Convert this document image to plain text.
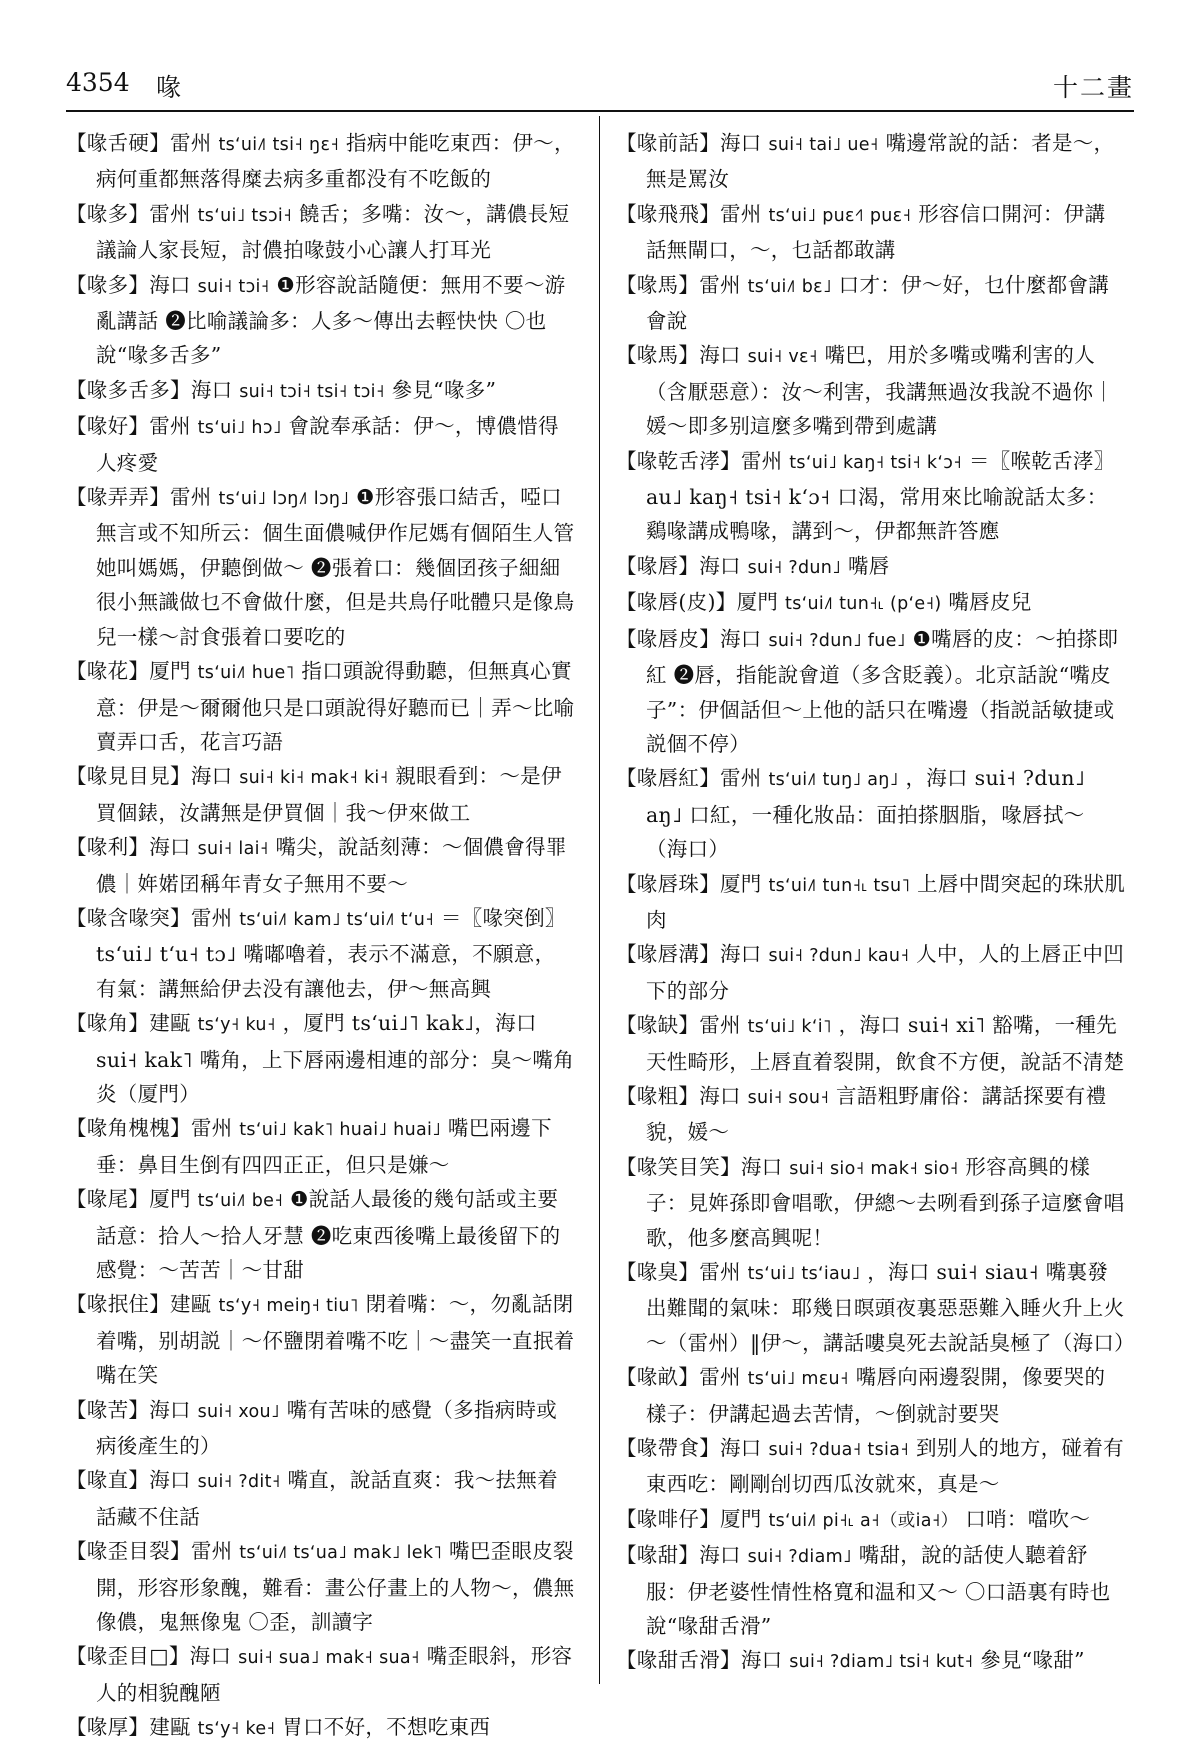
4354 喙	十二畫

【喙舌硬】雷州 tsʻui˩˥ tsi˧ ŋɛ˧ 指病中能吃東西：伊～，病何重都無落得糜去病多重都没有不吃飯的

【喙多】雷州 tsʻui˩ tsɔi˧ 饒舌；多嘴：汝～，講儂長短議論人家長短，討儂拍喙鼓小心讓人打耳光

【喙多】海口 sui˧ tɔi˧ ❶形容說話隨便：無用不要～游亂講話 ❷比喻議論多：人多～傳出去輕快快 〇也說“喙多舌多”

【喙多舌多】海口 sui˧ tɔi˧ tsi˧ tɔi˧ 參見“喙多”

【喙好】雷州 tsʻui˩ hɔ˩ 會說奉承話：伊～，博儂惜得人疼愛

【喙弄弄】雷州 tsʻui˩ lɔŋ˩˥ lɔŋ˩ ❶形容張口結舌，啞口無言或不知所云：個生面儂喊伊作尼媽有個陌生人管她叫媽媽，伊聽倒做～ ❷張着口：幾個囝孩子細細很小無識做乜不會做什麼，但是共鳥仔吡體只是像鳥兒一樣～討食張着口要吃的

【喙花】厦門 tsʻui˩˥ hue˥ 指口頭說得動聽，但無真心實意：伊是～爾爾他只是口頭說得好聽而已｜弄～比喻賣弄口舌，花言巧語

【喙見目見】海口 sui˧ ki˧ mak˧ ki˧ 親眼看到：～是伊買個錶，汝講無是伊買個｜我～伊來做工

【喙利】海口 sui˧ lai˧ 嘴尖，說話刻薄：～個儂會得罪儂｜姩婼囝稱年青女子無用不要～

【喙含喙突】雷州 tsʻui˩˥ kam˩ tsʻui˩˥ tʻu˧ ＝〖喙突倒〗tsʻui˩ tʻu˧ tɔ˩ 嘴嘟嚕着，表示不滿意，不願意，有氣：講無給伊去没有讓他去，伊～無高興

【喙角】建甌 tsʻy˧ ku˧ ，厦門 tsʻui˩˥ kak˩，海口 sui˧ kak˥ 嘴角，上下唇兩邊相連的部分：臭～嘴角炎（厦門）

【喙角槐槐】雷州 tsʻui˩ kak˥ huai˩ huai˩ 嘴巴兩邊下垂：鼻目生倒有四四正正，但只是嫌～

【喙尾】厦門 tsʻui˩˥ be˧ ❶說話人最後的幾句話或主要話意：拾人～拾人牙慧 ❷吃東西後嘴上最後留下的感覺：～苦苦｜～甘甜

【喙抿住】建甌 tsʻy˧ meiŋ˧ tiu˥ 閉着嘴：～，勿亂話閉着嘴，别胡説｜～伓鹽閉着嘴不吃｜～盡笑一直抿着嘴在笑

【喙苦】海口 sui˧ xou˩ 嘴有苦味的感覺（多指病時或病後產生的）

【喙直】海口 sui˧ ?dit˧ 嘴直，說話直爽：我～抾無着話藏不住話

【喙歪目裂】雷州 tsʻui˩˥ tsʻua˩ mak˩ lek˥ 嘴巴歪眼皮裂開，形容形象醜，難看：畫公仔畫上的人物～，儂無像儂，鬼無像鬼 〇歪，訓讀字

【喙歪目□】海口 sui˧ sua˩ mak˧ sua˧ 嘴歪眼斜，形容人的相貌醜陋

【喙厚】建甌 tsʻy˧ ke˧ 胃口不好，不想吃東西

【喙前話】海口 sui˧ tai˩ ue˧ 嘴邊常說的話：者是～，無是罵汝

【喙飛飛】雷州 tsʻui˩ puɛ˧˥ puɛ˧ 形容信口開河：伊講話無閘口，～，乜話都敢講

【喙馬】雷州 tsʻui˩˥ bɛ˩ 口才：伊～好，乜什麼都會講會說

【喙馬】海口 sui˧ vɛ˧ 嘴巴，用於多嘴或嘴利害的人（含厭惡意）：汝～利害，我講無過汝我說不過你｜媛～即多别這麼多嘴到帶到處講

【喙乾舌涍】雷州 tsʻui˩ kaŋ˧ tsi˧ kʻɔ˧ ＝〖喉乾舌涍〗au˩ kaŋ˧ tsi˧ kʻɔ˧ 口渴，常用來比喻說話太多：鷄喙講成鴨喙，講到～，伊都無許答應

【喙唇】海口 sui˧ ?dun˩ 嘴唇

【喙唇(皮)】厦門 tsʻui˩˥ tun˧˪ (pʻe˧) 嘴唇皮兒

【喙唇皮】海口 sui˧ ?dun˩ fue˩ ❶嘴唇的皮：～拍搽即紅 ❷唇，指能說會道（多含貶義）。北京話說“嘴皮子”：伊個話但～上他的話只在嘴邊（指説話敏捷或説個不停）

【喙唇紅】雷州 tsʻui˩˥ tuŋ˩ aŋ˩ ，海口 sui˧ ?dun˩ aŋ˩ 口紅，一種化妝品：面拍搽胭脂，喙唇拭～（海口）

【喙唇珠】厦門 tsʻui˩˥ tun˧˪ tsu˥ 上唇中間突起的珠狀肌肉

【喙唇溝】海口 sui˧ ?dun˩ kau˧ 人中，人的上唇正中凹下的部分

【喙缺】雷州 tsʻui˩ kʻi˥ ，海口 sui˧ xi˥ 豁嘴，一種先天性畸形，上唇直着裂開，飲食不方便，說話不清楚

【喙粗】海口 sui˧ sou˧ 言語粗野庸俗：講話探要有禮貌，媛～

【喙笑目笑】海口 sui˧ sio˧ mak˧ sio˧ 形容高興的樣子：見姩孫即會唱歌，伊總～去咧看到孫子這麼會唱歌，他多麼高興呢！

【喙臭】雷州 tsʻui˩ tsʻiau˩ ，海口 sui˧ siau˧ 嘴裏發出難聞的氣味：耶幾日暝頭夜裏惡惡難入睡火升上火～（雷州）‖伊～，講話嘍臭死去說話臭極了（海口）

【喙畝】雷州 tsʻui˩ mɛu˧ 嘴唇向兩邊裂開，像要哭的樣子：伊講起過去苦情，～倒就討要哭

【喙帶食】海口 sui˧ ?dua˧ tsia˧ 到别人的地方，碰着有東西吃：剛剛刣切西瓜汝就來，真是～

【喙啡仔】厦門 tsʻui˩˥ pi˧˪ a˧（或ia˧） 口哨：噹吹～

【喙甜】海口 sui˧ ?diam˩ 嘴甜，說的話使人聽着舒服：伊老婆性情性格寬和温和又～ 〇口語裏有時也說“喙甜舌滑”

【喙甜舌滑】海口 sui˧ ?diam˩ tsi˧ kut˧ 參見“喙甜”
